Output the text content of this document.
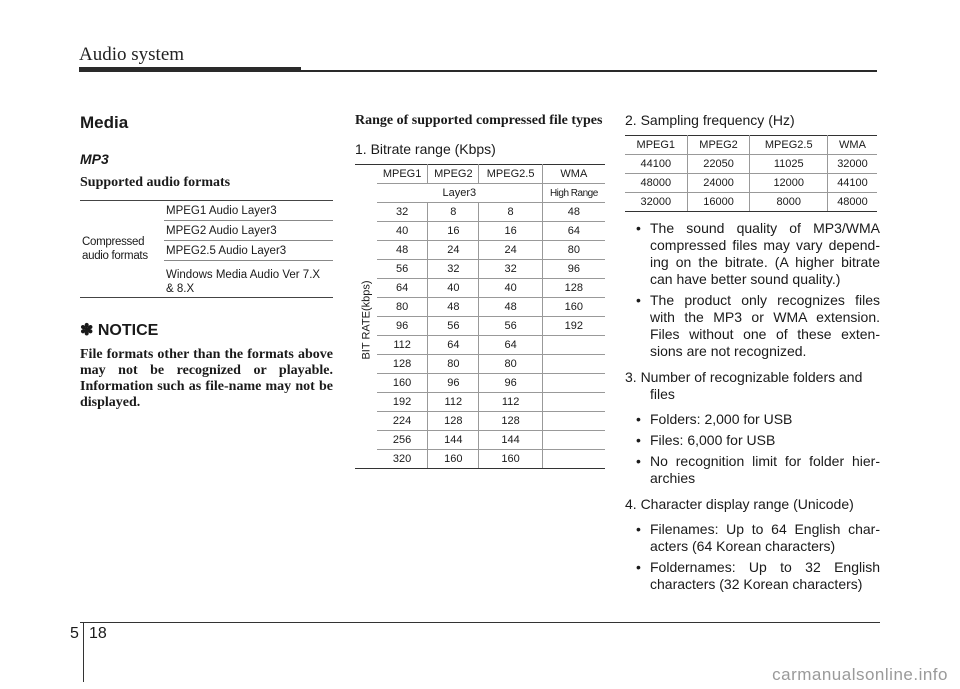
Audio system
Media
MP3
Supported audio formats
Compressed
audio formats
MPEG1 Audio Layer3
MPEG2 Audio Layer3
MPEG2.5 Audio Layer3
Windows Media Audio Ver 7.X
& 8.X
✽ NOTICE
File formats other than the formats above may not be recognized or playable. Information such as file-name may not be displayed.
Range of supported compressed file types
1. Bitrate range (Kbps)
BIT RATE(kbps)
MPEG1	MPEG2	MPEG2.5	WMA
Layer3			High Range
32	8	8	48
40	16	16	64
48	24	24	80
56	32	32	96
64	40	40	128
80	48	48	160
96	56	56	192
112	64	64	
128	80	80	
160	96	96	
192	112	112	
224	128	128	
256	144	144	
320	160	160	
2. Sampling frequency (Hz)
MPEG1	MPEG2	MPEG2.5	WMA
44100	22050	11025	32000
48000	24000	12000	44100
32000	16000	8000	48000
• The sound quality of MP3/WMA compressed files may vary depend-ing on the bitrate. (A higher bitrate can have better sound quality.)
• The product only recognizes files with the MP3 or WMA extension. Files without one of these exten-sions are not recognized.
3. Number of recognizable folders and files
• Folders: 2,000 for USB
• Files: 6,000 for USB
• No recognition limit for folder hier-archies
4. Character display range (Unicode)
• Filenames: Up to 64 English char-acters (64 Korean characters)
• Foldernames: Up to 32 English characters (32 Korean characters)
5 18
carmanualsonline.info
